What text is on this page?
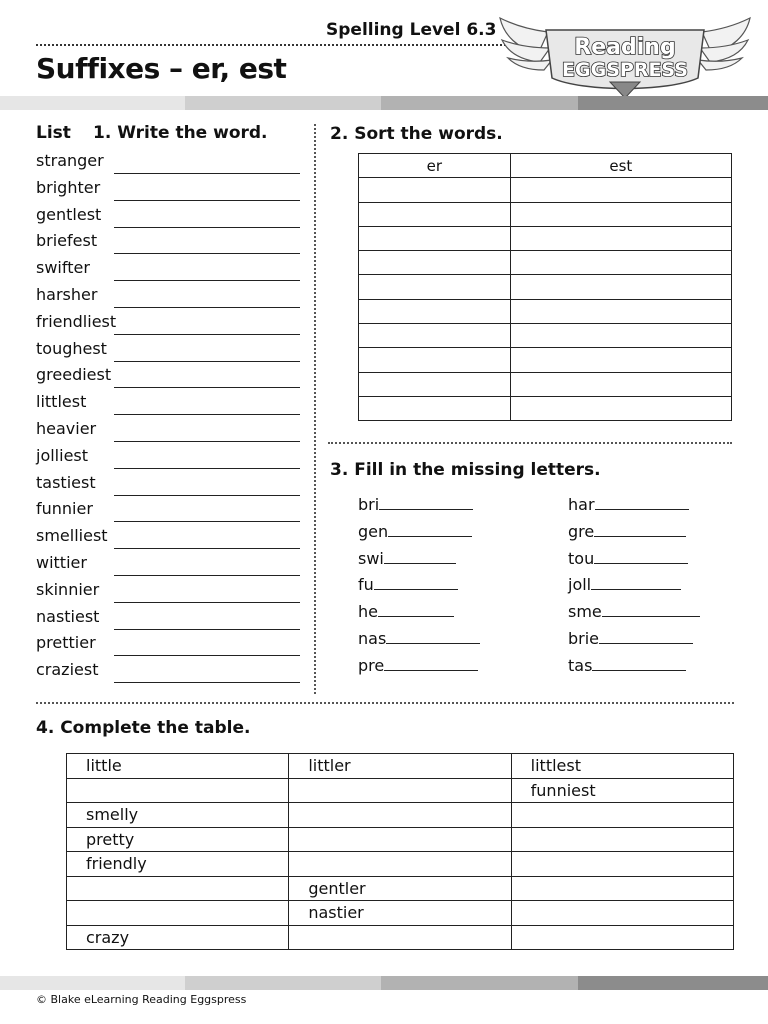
Spelling Level 6.3
Suffixes – er, est
Reading
EGGSPRESS
List 1. Write the word.
stranger
brighter
gentlest
briefest
swifter
harsher
friendliest
toughest
greediest
littlest
heavier
jolliest
tastiest
funnier
smelliest
wittier
skinnier
nastiest
prettier
craziest
2. Sort the words.
er	est

3. Fill in the missing letters.
bri
gen
swi
fu
he
nas
pre
har
gre
tou
joll
sme
brie
tas
4. Complete the table.
little	littler	littlest
		funniest
smelly		
pretty		
friendly		
	gentler	
	nastier	
crazy		
© Blake eLearning Reading Eggspress
